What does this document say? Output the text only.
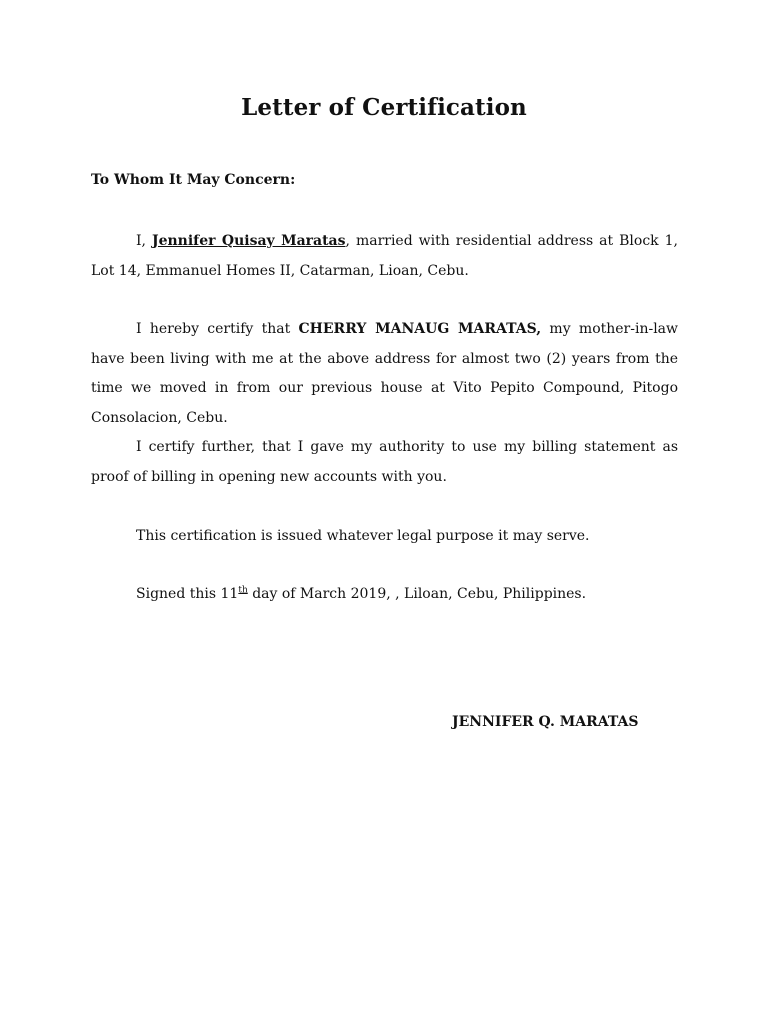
Letter of Certification
To Whom It May Concern:
I, Jennifer Quisay Maratas, married with residential address at Block 1, Lot 14, Emmanuel Homes II, Catarman, Lioan, Cebu.
I hereby certify that CHERRY MANAUG MARATAS, my mother-in-law have been living with me at the above address for almost two (2) years from the time we moved in from our previous house at Vito Pepito Compound, Pitogo Consolacion, Cebu.
I certify further, that I gave my authority to use my billing statement as proof of billing in opening new accounts with you.
This certification is issued whatever legal purpose it may serve.
Signed this 11th day of March 2019, , Liloan, Cebu, Philippines.
JENNIFER Q. MARATAS
